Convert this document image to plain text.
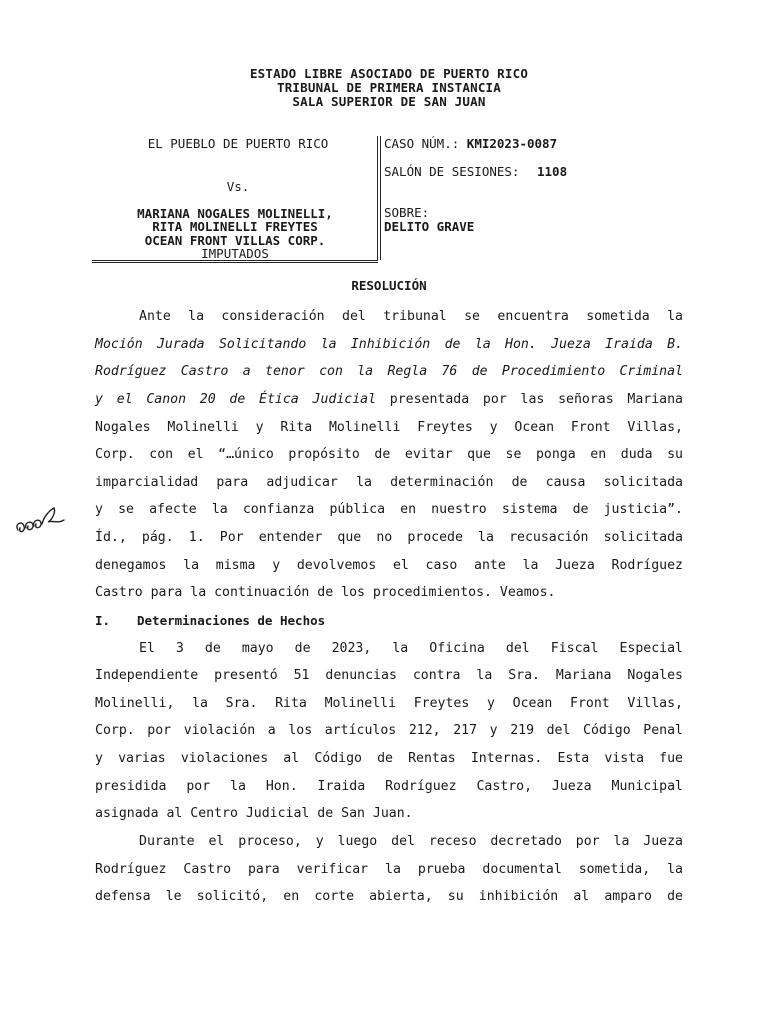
ESTADO LIBRE ASOCIADO DE PUERTO RICO
TRIBUNAL DE PRIMERA INSTANCIA
SALA SUPERIOR DE SAN JUAN
EL PUEBLO DE PUERTO RICO
Vs.
MARIANA NOGALES MOLINELLI,
RITA MOLINELLI FREYTES
OCEAN FRONT VILLAS CORP.
IMPUTADOS
CASO NÚM.: KMI2023-0087
SALÓN DE SESIONES: 1108
SOBRE:
DELITO GRAVE
RESOLUCIÓN
Ante la consideración del tribunal se encuentra sometida la
Moción Jurada Solicitando la Inhibición de la Hon. Jueza Iraida B.
Rodríguez Castro a tenor con la Regla 76 de Procedimiento Criminal
y el Canon 20 de Ética Judicial presentada por las señoras Mariana
Nogales Molinelli y Rita Molinelli Freytes y Ocean Front Villas,
Corp. con el “…único propósito de evitar que se ponga en duda su
imparcialidad para adjudicar la determinación de causa solicitada
y se afecte la confianza pública en nuestro sistema de justicia”.
Íd., pág. 1. Por entender que no procede la recusación solicitada
denegamos la misma y devolvemos el caso ante la Jueza Rodríguez
Castro para la continuación de los procedimientos. Veamos.
I. Determinaciones de Hechos
El 3 de mayo de 2023, la Oficina del Fiscal Especial
Independiente presentó 51 denuncias contra la Sra. Mariana Nogales
Molinelli, la Sra. Rita Molinelli Freytes y Ocean Front Villas,
Corp. por violación a los artículos 212, 217 y 219 del Código Penal
y varias violaciones al Código de Rentas Internas. Esta vista fue
presidida por la Hon. Iraida Rodríguez Castro, Jueza Municipal
asignada al Centro Judicial de San Juan.
Durante el proceso, y luego del receso decretado por la Jueza
Rodríguez Castro para verificar la prueba documental sometida, la
defensa le solicitó, en corte abierta, su inhibición al amparo de
